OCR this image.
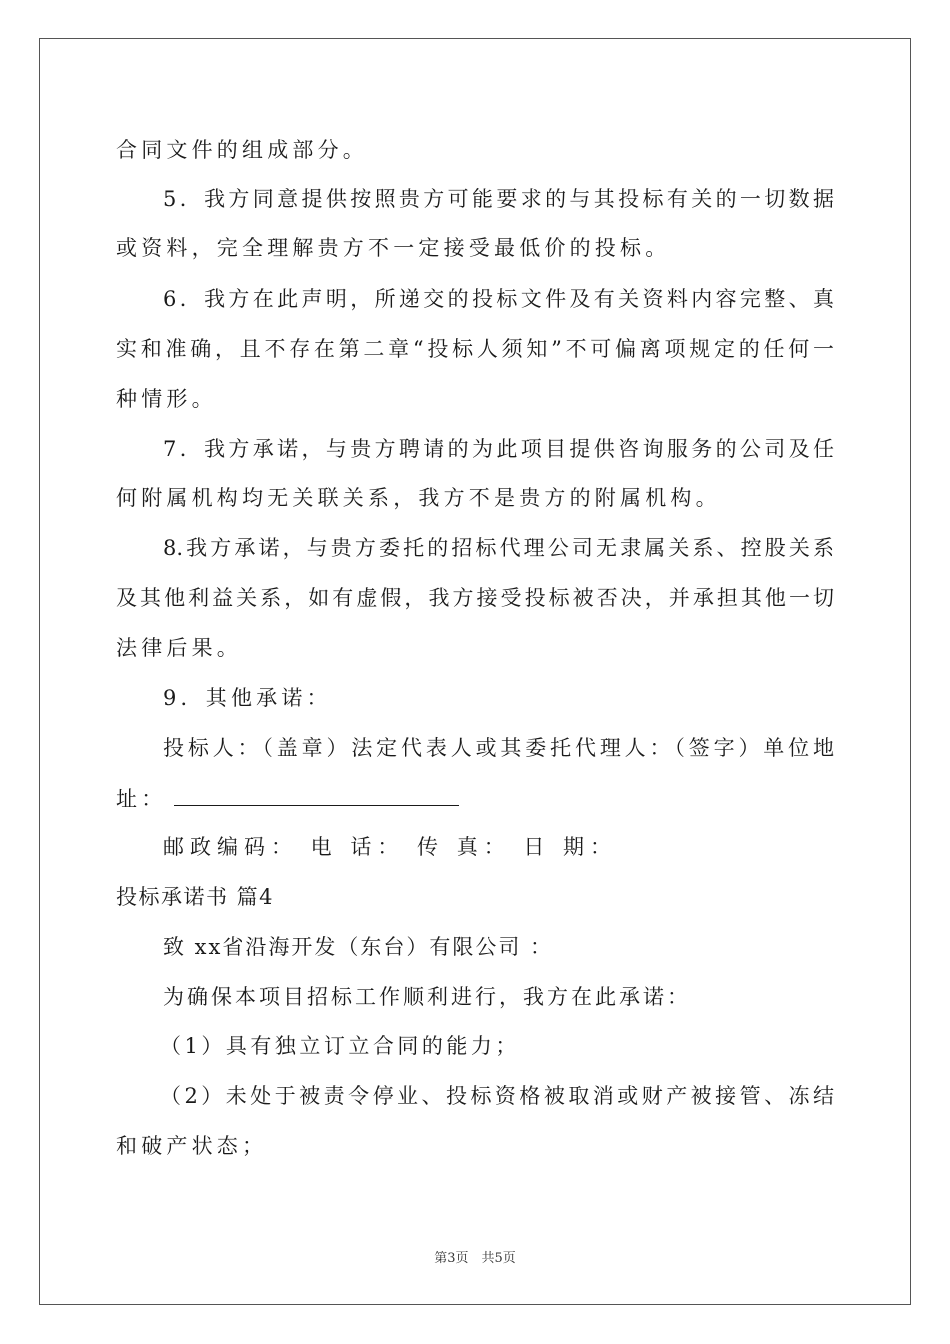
合同文件的组成部分。
5．我方同意提供按照贵方可能要求的与其投标有关的一切数据
或资料，完全理解贵方不一定接受最低价的投标。
6．我方在此声明，所递交的投标文件及有关资料内容完整、真
实和准确，且不存在第二章“投标人须知”不可偏离项规定的任何一
种情形。
7．我方承诺，与贵方聘请的为此项目提供咨询服务的公司及任
何附属机构均无关联关系，我方不是贵方的附属机构。
8.我方承诺，与贵方委托的招标代理公司无隶属关系、控股关系
及其他利益关系，如有虚假，我方接受投标被否决，并承担其他一切
法律后果。
9．其他承诺：
投标人：（盖章）法定代表人或其委托代理人：（签字）单位地
址：
邮政编码： 电 话： 传 真： 日 期：
投标承诺书 篇4
致 xx省沿海开发（东台）有限公司 ：
为确保本项目招标工作顺利进行，我方在此承诺：
（1）具有独立订立合同的能力；
（2）未处于被责令停业、投标资格被取消或财产被接管、冻结
和破产状态；
第3页　共5页
